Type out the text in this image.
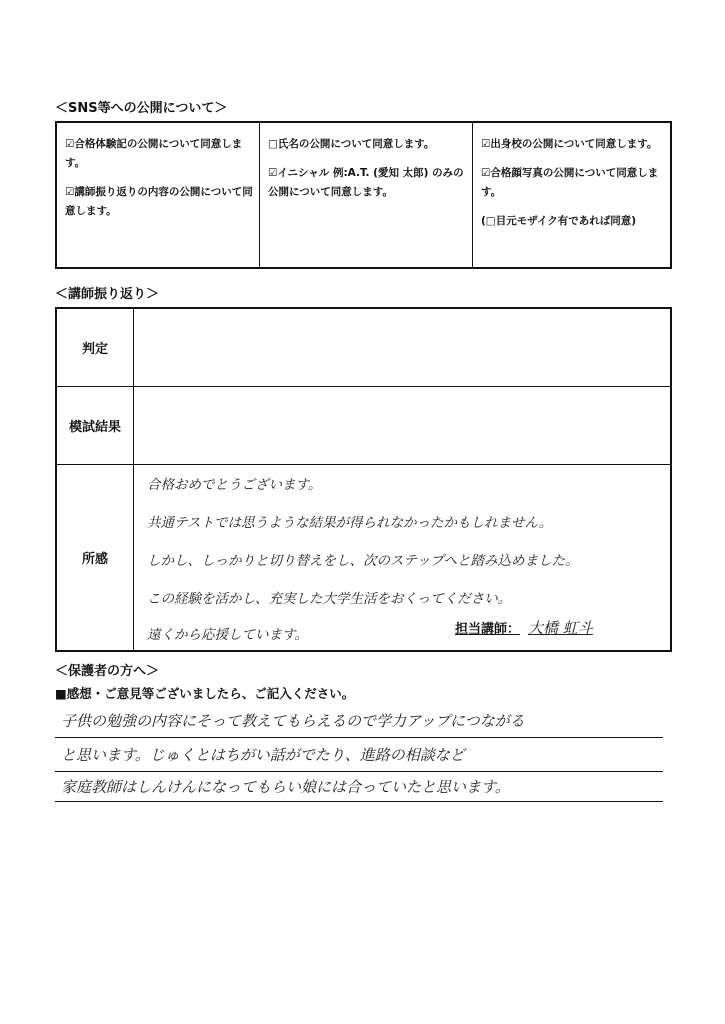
＜SNS等への公開について＞

☑合格体験記の公開について同意します。

☑講師振り返りの内容の公開について同意します。

□氏名の公開について同意します。

☑イニシャル 例:A.T. (愛知 太郎) のみの公開について同意します。

☑出身校の公開について同意します。

☑合格顔写真の公開について同意します。

(□目元モザイク有であれば同意)

＜講師振り返り＞
判定
模試結果
所感
合格おめでとうございます。
共通テストでは思うような結果が得られなかったかもしれません。
しかし、しっかりと切り替えをし、次のステップへと踏み込めました。
この経験を活かし、充実した大学生活をおくってください。
遠くから応援しています。	担当講師： 大橋 虹斗
＜保護者の方へ＞
■感想・ご意見等ございましたら、ご記入ください。
子供の勉強の内容にそって教えてもらえるので学力アップにつながる
と思います。じゅくとはちがい話がでたり、進路の相談など
家庭教師はしんけんになってもらい娘には合っていたと思います。
